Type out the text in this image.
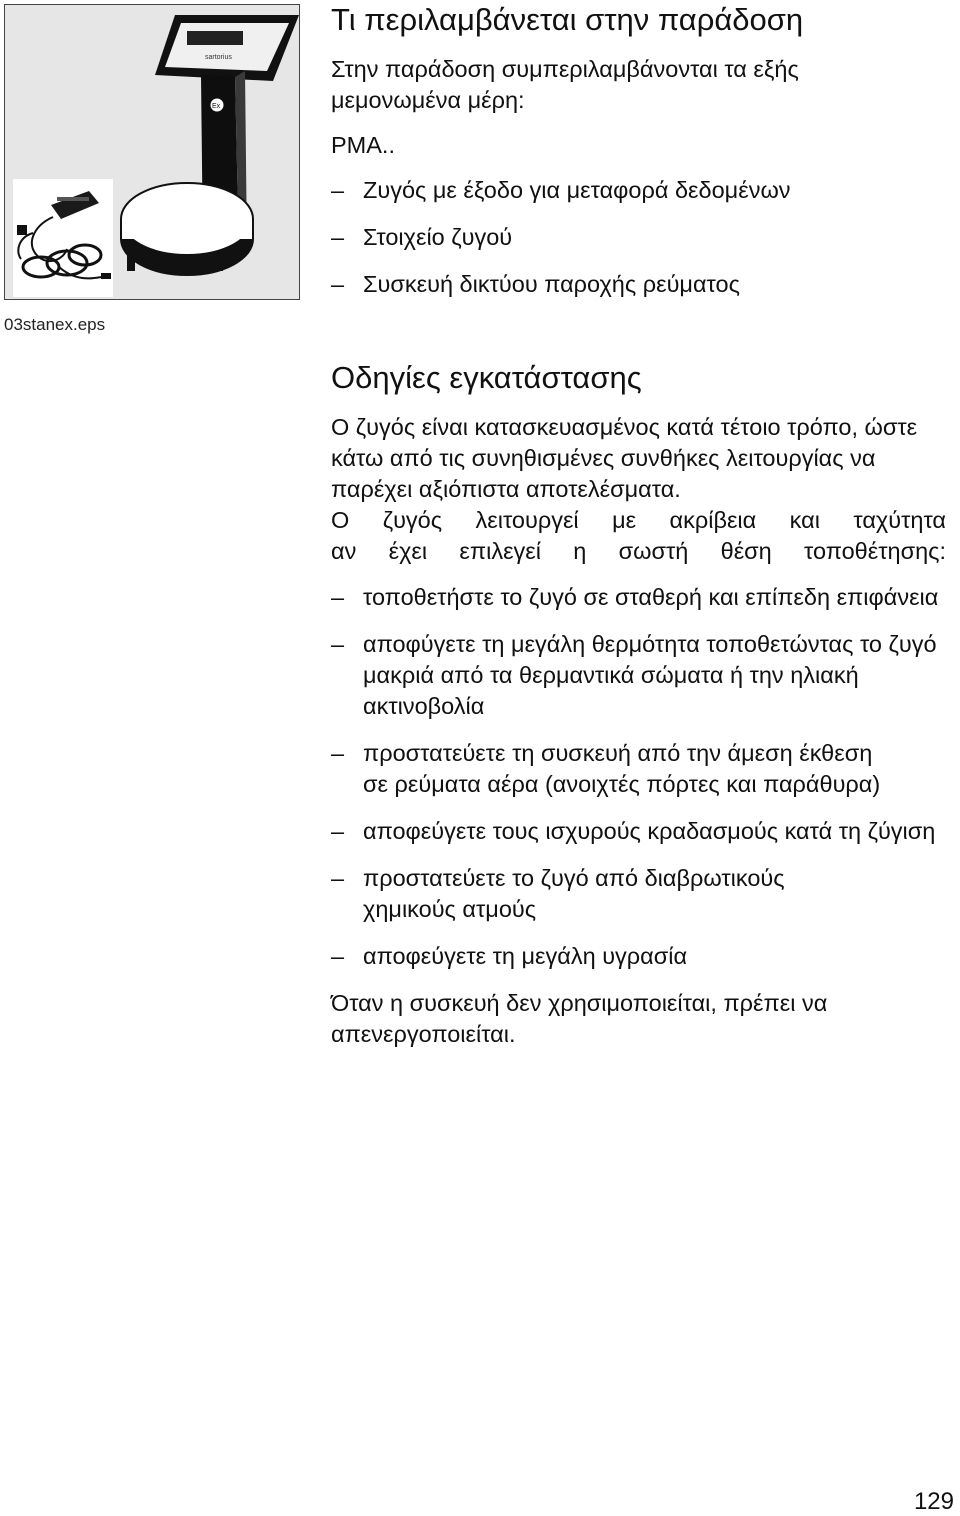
sartorius
Ex
03stanex.eps
Τι περιλαμβάνεται στην παράδοση

Στην παράδοση συμπεριλαμβάνονται τα εξής μεμονωμένα μέρη:

PMA..

– Ζυγός με έξοδο για μεταφορά δεδομένων
– Στοιχείο ζυγού
– Συσκευή δικτύου παροχής ρεύματος
Οδηγίες εγκατάστασης

Ο ζυγός είναι κατασκευασμένος κατά τέτοιο τρόπο, ώστε κάτω από τις συνηθισμένες συνθήκες λειτουργίας να παρέχει αξιόπιστα αποτελέσματα.

Ο ζυγός λειτουργεί με ακρίβεια και ταχύτητα
αν έχει επιλεγεί η σωστή θέση τοποθέτησης:
– τοποθετήστε το ζυγό σε σταθερή και επίπεδη επιφάνεια
– αποφύγετε τη μεγάλη θερμότητα τοποθετώντας το ζυγό μακριά από τα θερμαντικά σώματα ή την ηλιακή ακτινοβολία
– προστατεύετε τη συσκευή από την άμεση έκθεση σε ρεύματα αέρα (ανοιχτές πόρτες και παράθυρα)
– αποφεύγετε τους ισχυρούς κραδασμούς κατά τη ζύγιση
– προστατεύετε το ζυγό από διαβρωτικούς χημικούς ατμούς
– αποφεύγετε τη μεγάλη υγρασία

Όταν η συσκευή δεν χρησιμοποιείται, πρέπει να απενεργοποιείται.

129
